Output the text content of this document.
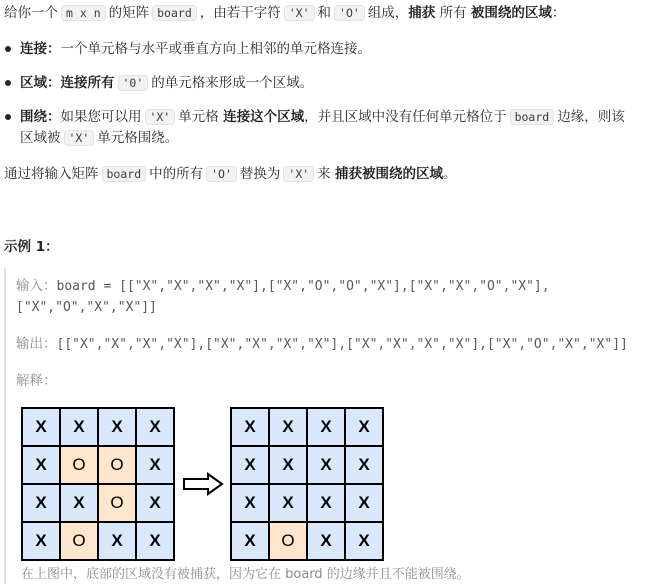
给你一个 m x n 的矩阵 board ，由若干字符 'X' 和 'O' 组成，捕获 所有 被围绕的区域：

连接：一个单元格与水平或垂直方向上相邻的单元格连接。

区域：连接所有 '0' 的单元格来形成一个区域。

围绕：如果您可以用 'X' 单元格 连接这个区域，并且区域中没有任何单元格位于 board 边缘，则该

区域被 'X' 单元格围绕。

通过将输入矩阵 board 中的所有 'O' 替换为 'X' 来 捕获被围绕的区域。

示例 1：

输入：board = [["X","X","X","X"],["X","O","O","X"],["X","X","O","X"],

["X","O","X","X"]]

输出：[["X","X","X","X"],["X","X","X","X"],["X","X","X","X"],["X","O","X","X"]]

解释：

X	X	X	X
X	O	O	X
X	X	O	X
X	O	X	X
X	X	X	X
X	X	X	X
X	X	X	X
X	O	X	X

在上图中，底部的区域没有被捕获，因为它在 board 的边缘并且不能被围绕。
